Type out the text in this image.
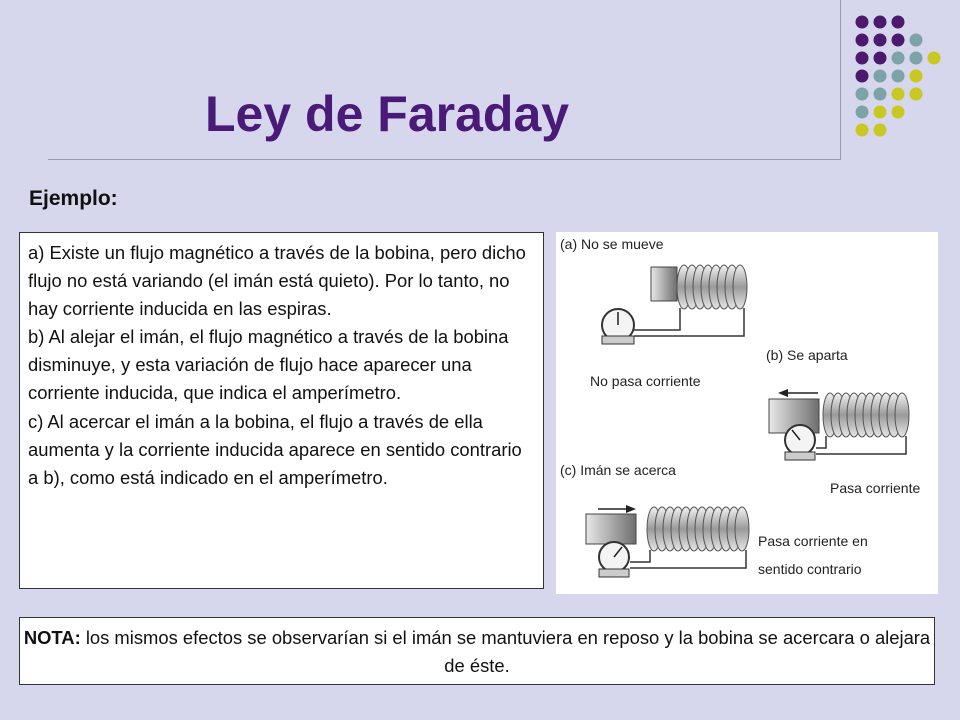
Ley de Faraday
Ejemplo:

a) Existe un flujo magnético a través de la bobina, pero dicho flujo no está variando (el imán está quieto). Por lo tanto, no hay corriente inducida en las espiras.

b) Al alejar el imán, el flujo magnético a través de la bobina disminuye, y esta variación de flujo hace aparecer una corriente inducida, que indica el amperímetro.

c) Al acercar el imán a la bobina, el flujo a través de ella aumenta y la corriente inducida aparece en sentido contrario a b), como está indicado en el amperímetro.

(a) No se mueve
No pasa corriente
(b) Se aparta
Pasa corriente
(c) Imán se acerca
Pasa corriente en
sentido contrario
NOTA: los mismos efectos se observarían si el imán se mantuviera en reposo y la bobina se acercara o alejara de éste.
